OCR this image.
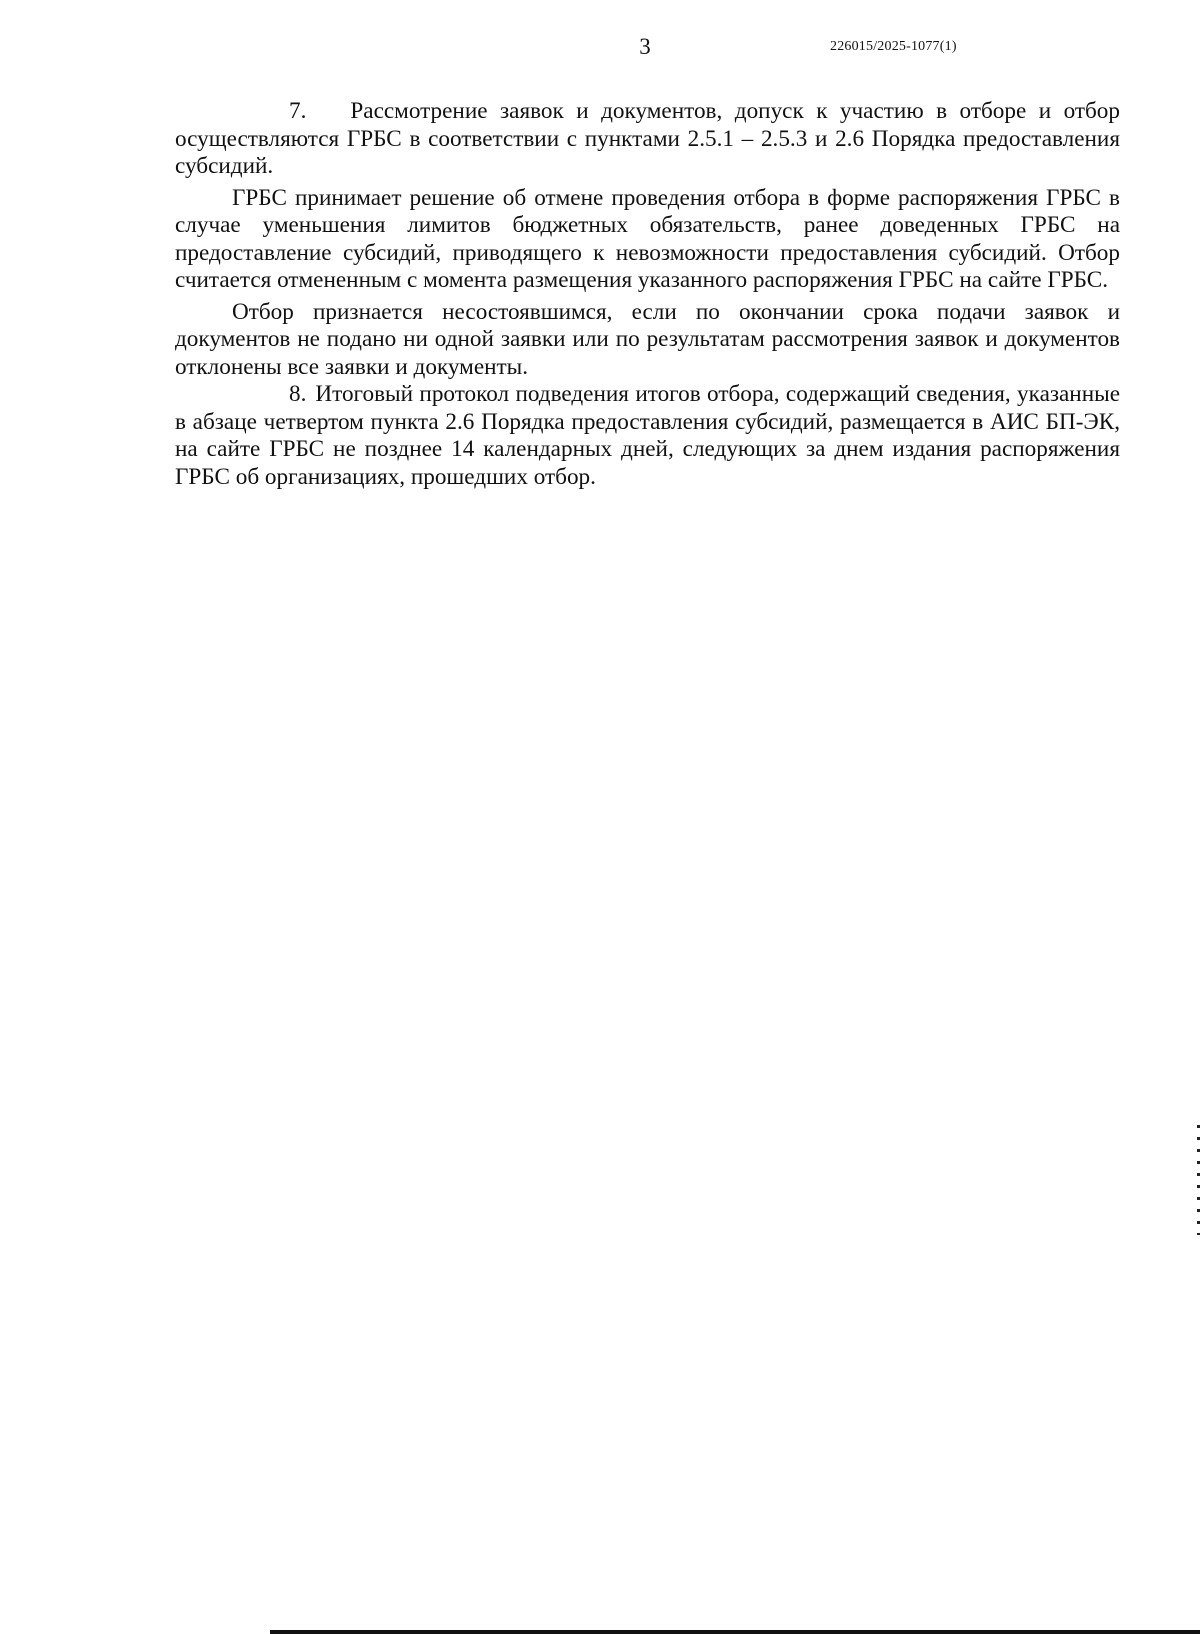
3	226015/2025-1077(1)

7. Рассмотрение заявок и документов, допуск к участию в отборе и отбор осуществляются ГРБС в соответствии с пунктами 2.5.1 – 2.5.3 и 2.6 Порядка предоставления субсидий.

ГРБС принимает решение об отмене проведения отбора в форме распоряжения ГРБС в случае уменьшения лимитов бюджетных обязательств, ранее доведенных ГРБС на предоставление субсидий, приводящего к невозможности предоставления субсидий. Отбор считается отмененным с момента размещения указанного распоряжения ГРБС на сайте ГРБС.

Отбор признается несостоявшимся, если по окончании срока подачи заявок и документов не подано ни одной заявки или по результатам рассмотрения заявок и документов отклонены все заявки и документы.

8. Итоговый протокол подведения итогов отбора, содержащий сведения, указанные в абзаце четвертом пункта 2.6 Порядка предоставления субсидий, размещается в АИС БП-ЭК, на сайте ГРБС не позднее 14 календарных дней, следующих за днем издания распоряжения ГРБС об организациях, прошедших отбор.
